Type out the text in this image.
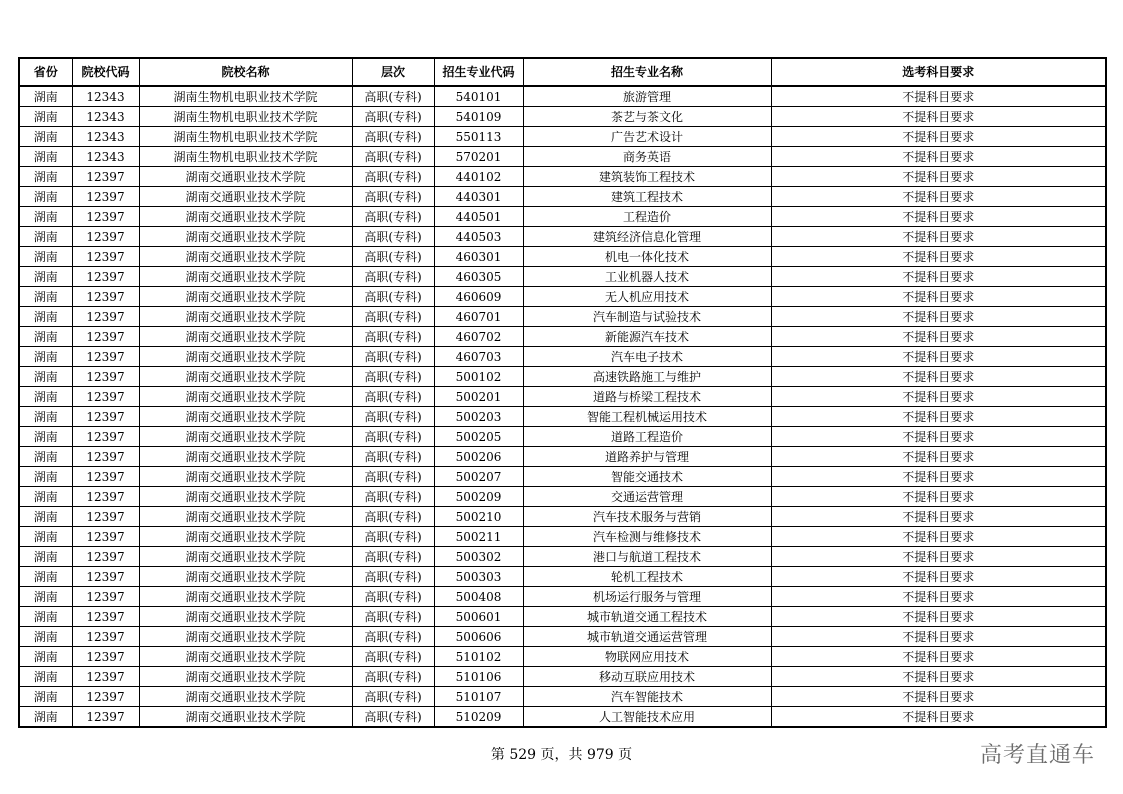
省份	院校代码	院校名称	层次	招生专业代码	招生专业名称	选考科目要求
湖南	12343	湖南生物机电职业技术学院	高职(专科)	540101	旅游管理	不提科目要求
湖南	12343	湖南生物机电职业技术学院	高职(专科)	540109	茶艺与茶文化	不提科目要求
湖南	12343	湖南生物机电职业技术学院	高职(专科)	550113	广告艺术设计	不提科目要求
湖南	12343	湖南生物机电职业技术学院	高职(专科)	570201	商务英语	不提科目要求
湖南	12397	湖南交通职业技术学院	高职(专科)	440102	建筑装饰工程技术	不提科目要求
湖南	12397	湖南交通职业技术学院	高职(专科)	440301	建筑工程技术	不提科目要求
湖南	12397	湖南交通职业技术学院	高职(专科)	440501	工程造价	不提科目要求
湖南	12397	湖南交通职业技术学院	高职(专科)	440503	建筑经济信息化管理	不提科目要求
湖南	12397	湖南交通职业技术学院	高职(专科)	460301	机电一体化技术	不提科目要求
湖南	12397	湖南交通职业技术学院	高职(专科)	460305	工业机器人技术	不提科目要求
湖南	12397	湖南交通职业技术学院	高职(专科)	460609	无人机应用技术	不提科目要求
湖南	12397	湖南交通职业技术学院	高职(专科)	460701	汽车制造与试验技术	不提科目要求
湖南	12397	湖南交通职业技术学院	高职(专科)	460702	新能源汽车技术	不提科目要求
湖南	12397	湖南交通职业技术学院	高职(专科)	460703	汽车电子技术	不提科目要求
湖南	12397	湖南交通职业技术学院	高职(专科)	500102	高速铁路施工与维护	不提科目要求
湖南	12397	湖南交通职业技术学院	高职(专科)	500201	道路与桥梁工程技术	不提科目要求
湖南	12397	湖南交通职业技术学院	高职(专科)	500203	智能工程机械运用技术	不提科目要求
湖南	12397	湖南交通职业技术学院	高职(专科)	500205	道路工程造价	不提科目要求
湖南	12397	湖南交通职业技术学院	高职(专科)	500206	道路养护与管理	不提科目要求
湖南	12397	湖南交通职业技术学院	高职(专科)	500207	智能交通技术	不提科目要求
湖南	12397	湖南交通职业技术学院	高职(专科)	500209	交通运营管理	不提科目要求
湖南	12397	湖南交通职业技术学院	高职(专科)	500210	汽车技术服务与营销	不提科目要求
湖南	12397	湖南交通职业技术学院	高职(专科)	500211	汽车检测与维修技术	不提科目要求
湖南	12397	湖南交通职业技术学院	高职(专科)	500302	港口与航道工程技术	不提科目要求
湖南	12397	湖南交通职业技术学院	高职(专科)	500303	轮机工程技术	不提科目要求
湖南	12397	湖南交通职业技术学院	高职(专科)	500408	机场运行服务与管理	不提科目要求
湖南	12397	湖南交通职业技术学院	高职(专科)	500601	城市轨道交通工程技术	不提科目要求
湖南	12397	湖南交通职业技术学院	高职(专科)	500606	城市轨道交通运营管理	不提科目要求
湖南	12397	湖南交通职业技术学院	高职(专科)	510102	物联网应用技术	不提科目要求
湖南	12397	湖南交通职业技术学院	高职(专科)	510106	移动互联应用技术	不提科目要求
湖南	12397	湖南交通职业技术学院	高职(专科)	510107	汽车智能技术	不提科目要求
湖南	12397	湖南交通职业技术学院	高职(专科)	510209	人工智能技术应用	不提科目要求
第 529 页，共 979 页	高考直通车
